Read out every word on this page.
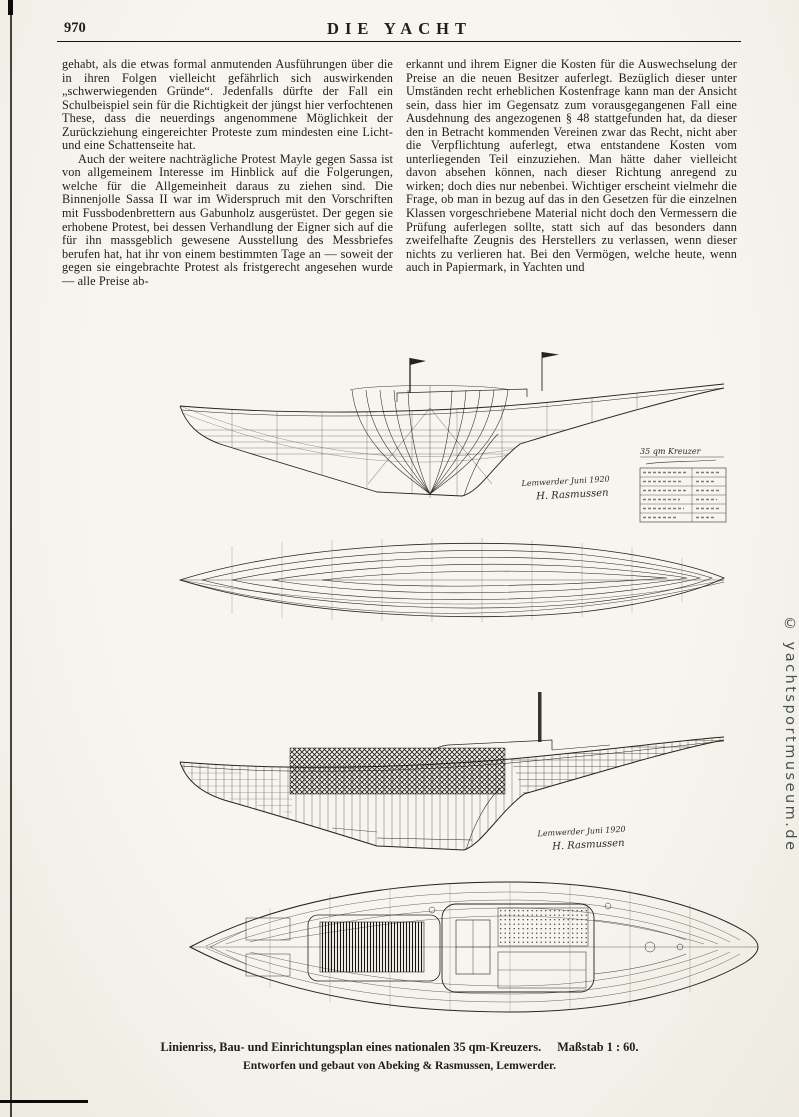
970	DIE YACHT

gehabt, als die etwas formal anmutenden Ausführungen über die in ihren Folgen vielleicht gefährlich sich auswirkenden „schwerwiegenden Gründe“. Jedenfalls dürfte der Fall ein Schulbeispiel sein für die Richtigkeit der jüngst hier verfochtenen These, dass die neuerdings angenommene Möglichkeit der Zurückziehung eingereichter Proteste zum mindesten eine Licht- und eine Schattenseite hat.

Auch der weitere nachträgliche Protest Mayle gegen Sassa ist von allgemeinem Interesse im Hinblick auf die Folgerungen, welche für die Allgemeinheit daraus zu ziehen sind. Die Binnenjolle Sassa II war im Widerspruch mit den Vorschriften mit Fussbodenbrettern aus Gabunholz ausgerüstet. Der gegen sie erhobene Protest, bei dessen Verhandlung der Eigner sich auf die für ihn massgeblich gewesene Ausstellung des Messbriefes berufen hat, hat ihr von einem bestimmten Tage an — soweit der gegen sie eingebrachte Protest als fristgerecht angesehen wurde — alle Preise ab-

erkannt und ihrem Eigner die Kosten für die Auswechselung der Preise an die neuen Besitzer auferlegt. Bezüglich dieser unter Umständen recht erheblichen Kostenfrage kann man der Ansicht sein, dass hier im Gegensatz zum vorausgegangenen Fall eine Ausdehnung des angezogenen § 48 stattgefunden hat, da dieser den in Betracht kommenden Vereinen zwar das Recht, nicht aber die Verpflichtung auferlegt, etwa entstandene Kosten vom unterliegenden Teil einzuziehen. Man hätte daher vielleicht davon absehen können, nach dieser Richtung anregend zu wirken; doch dies nur nebenbei. Wichtiger erscheint vielmehr die Frage, ob man in bezug auf das in den Gesetzen für die einzelnen Klassen vorgeschriebene Material nicht doch den Vermessern die Prüfung auferlegen sollte, statt sich auf das besonders dann zweifelhafte Zeugnis des Herstellers zu verlassen, wenn dieser nichts zu verlieren hat. Bei den Vermögen, welche heute, wenn auch in Papiermark, in Yachten und

35 qm Kreuzer
Lemwerder Juni 1920
H. Rasmussen
Lemwerder Juni 1920
H. Rasmussen
Linienriss, Bau- und Einrichtungsplan eines nationalen 35 qm-Kreuzers. Maßstab 1 : 60.
Entworfen und gebaut von Abeking & Rasmussen, Lemwerder.
© yachtsportmuseum.de
